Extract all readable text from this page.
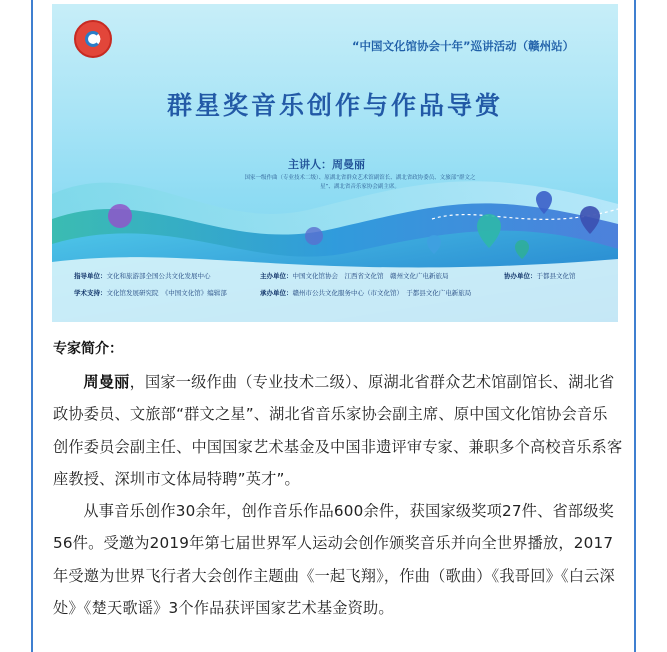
“中国文化馆协会十年”巡讲活动（赣州站）
群星奖音乐创作与作品导赏
主讲人：周曼丽
国家一级作曲（专业技术二级）、原湖北省群众艺术馆副馆长、湖北省政协委员、文旅部“群文之星”、湖北省音乐家协会副主席。
指导单位：文化和旅游部全国公共文化发展中心	主办单位：中国文化馆协会　江西省文化馆　赣州文化广电新旅局	协办单位：于都县文化馆
学术支持：文化馆发展研究院　《中国文化馆》编辑部	承办单位：赣州市公共文化服务中心（市文化馆）　于都县文化广电新旅局
专家简介：

周曼丽，国家一级作曲（专业技术二级）、原湖北省群众艺术馆副馆长、湖北省政协委员、文旅部“群文之星”、湖北省音乐家协会副主席、原中国文化馆协会音乐创作委员会副主任、中国国家艺术基金及中国非遗评审专家、兼职多个高校音乐系客座教授、深圳市文体局特聘”英才”。

从事音乐创作30余年，创作音乐作品600余件，获国家级奖项27件、省部级奖56件。受邀为2019年第七届世界军人运动会创作颁奖音乐并向全世界播放，2017年受邀为世界飞行者大会创作主题曲《一起飞翔》，作曲（歌曲）《我哥回》《白云深处》《楚天歌谣》3个作品获评国家艺术基金资助。
